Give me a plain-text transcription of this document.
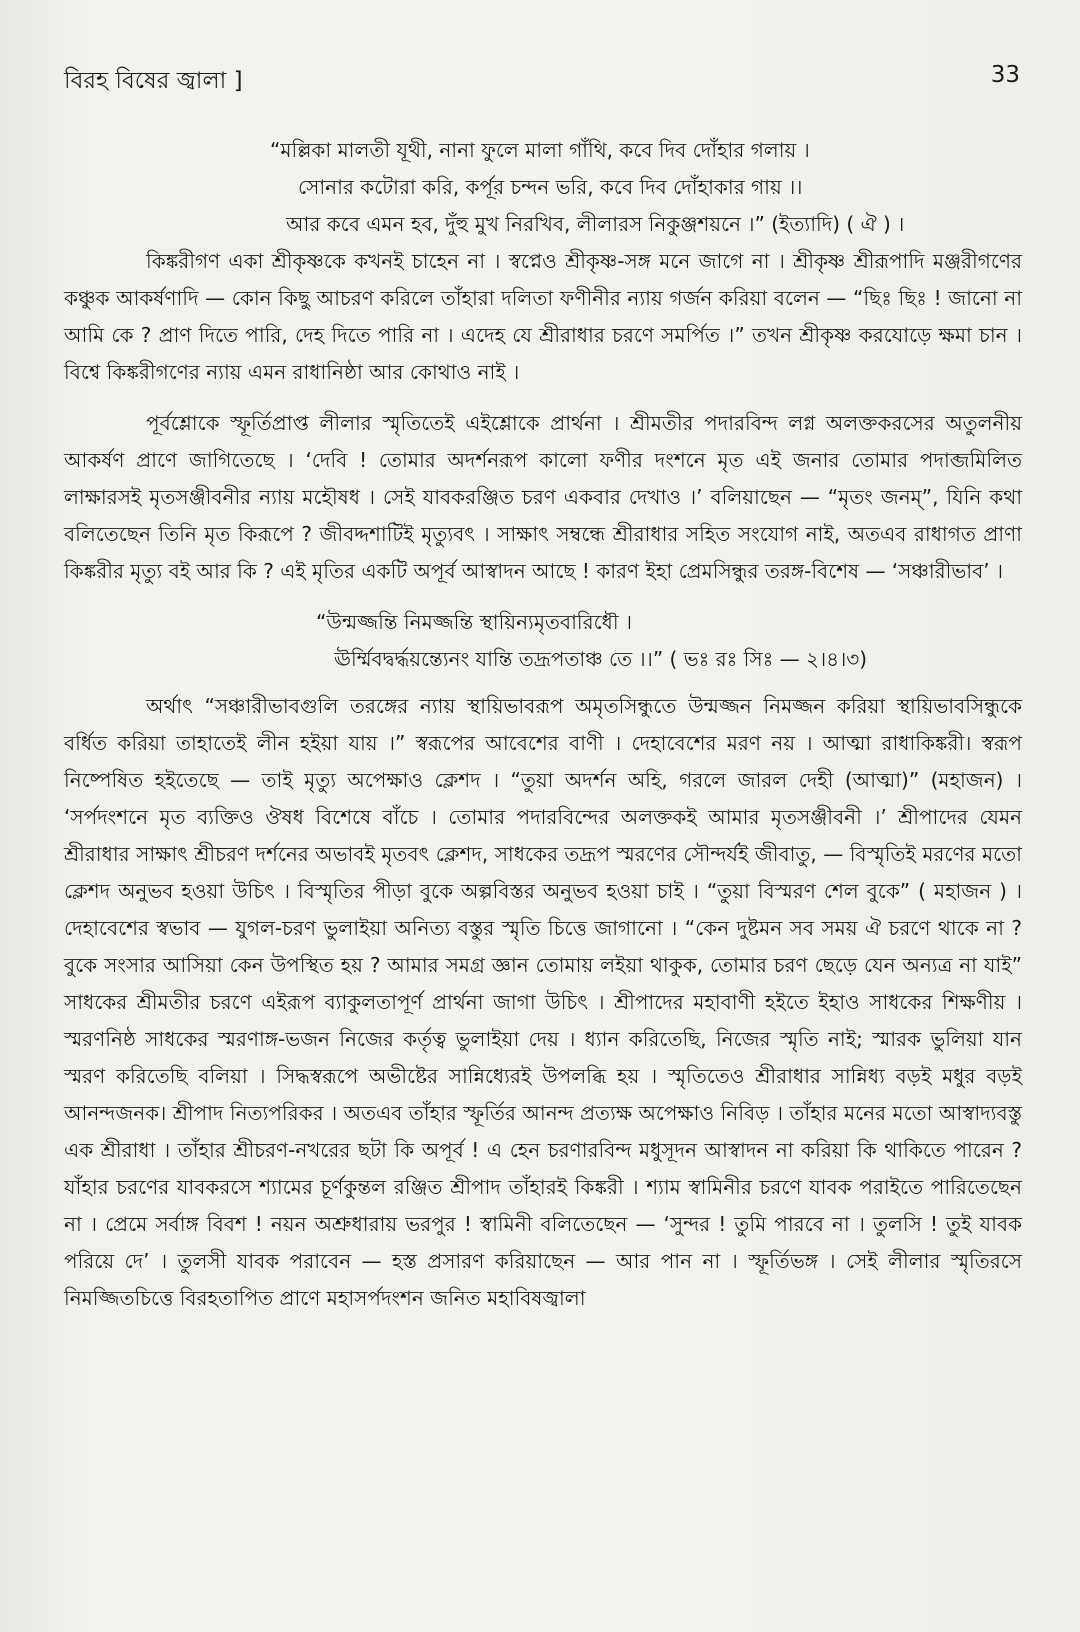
বিরহ বিষের জ্বালা ]	33

“মল্লিকা মালতী যূথী, নানা ফুলে মালা গাঁথি, কবে দিব দোঁহার গলায় ।

সোনার কটোরা করি, কর্পূর চন্দন ভরি, কবে দিব দোঁহাকার গায় ।।

আর কবে এমন হব, দুঁহু মুখ নিরখিব, লীলারস নিকুঞ্জশয়নে ।” (ইত্যাদি) ( ঐ ) ।

কিঙ্করীগণ একা শ্রীকৃষ্ণকে কখনই চাহেন না । স্বপ্নেও শ্রীকৃষ্ণ-সঙ্গ মনে জাগে না । শ্রীকৃষ্ণ শ্রীরূপাদি মঞ্জরীগণের কঞ্চুক আকর্ষণাদি — কোন কিছু আচরণ করিলে তাঁহারা দলিতা ফণীনীর ন্যায় গর্জন করিয়া বলেন — “ছিঃ ছিঃ ! জানো না আমি কে ? প্রাণ দিতে পারি, দেহ দিতে পারি না । এদেহ যে শ্রীরাধার চরণে সমর্পিত ।” তখন শ্রীকৃষ্ণ করযোড়ে ক্ষমা চান । বিশ্বে কিঙ্করীগণের ন্যায় এমন রাধানিষ্ঠা আর কোথাও নাই ।

পূর্বশ্লোকে স্ফূর্তিপ্রাপ্ত লীলার স্মৃতিতেই এইশ্লোকে প্রার্থনা । শ্রীমতীর পদারবিন্দ লগ্ন অলক্তকরসের অতুলনীয় আকর্ষণ প্রাণে জাগিতেছে । ‘দেবি ! তোমার অদর্শনরূপ কালো ফণীর দংশনে মৃত এই জনার তোমার পদাব্জমিলিত লাক্ষারসই মৃতসঞ্জীবনীর ন্যায় মহৌষধ । সেই যাবকরঞ্জিত চরণ একবার দেখাও ।’ বলিয়াছেন — “মৃতং জনম্”, যিনি কথা বলিতেছেন তিনি মৃত কিরূপে ? জীবদ্দশাটিই মৃত্যুবৎ । সাক্ষাৎ সম্বন্ধে শ্রীরাধার সহিত সংযোগ নাই, অতএব রাধাগত প্রাণা কিঙ্করীর মৃত্যু বই আর কি ? এই মৃতির একটি অপূর্ব আস্বাদন আছে ! কারণ ইহা প্রেমসিন্ধুর তরঙ্গ-বিশেষ — ‘সঞ্চারীভাব’ ।

“উন্মজ্জন্তি নিমজ্জন্তি স্থায়িন্যমৃতবারিধৌ ।

ঊর্ম্মিবদ্বর্দ্ধয়ন্ত্যেনং যান্তি তদ্রূপতাঞ্চ তে ।।” ( ভঃ রঃ সিঃ — ২।৪।৩)

অর্থাৎ “সঞ্চারীভাবগুলি তরঙ্গের ন্যায় স্থায়িভাবরূপ অমৃতসিন্ধুতে উন্মজ্জন নিমজ্জন করিয়া স্থায়িভাবসিন্ধুকে বর্ধিত করিয়া তাহাতেই লীন হইয়া যায় ।” স্বরূপের আবেশের বাণী । দেহাবেশের মরণ নয় । আত্মা রাধাকিঙ্করী। স্বরূপ নিষ্পেষিত হইতেছে — তাই মৃত্যু অপেক্ষাও ক্লেশদ । “তুয়া অদর্শন অহি, গরলে জারল দেহী (আত্মা)” (মহাজন) । ‘সর্পদংশনে মৃত ব্যক্তিও ঔষধ বিশেষে বাঁচে । তোমার পদারবিন্দের অলক্তকই আমার মৃতসঞ্জীবনী ।’ শ্রীপাদের যেমন শ্রীরাধার সাক্ষাৎ শ্রীচরণ দর্শনের অভাবই মৃতবৎ ক্লেশদ, সাধকের তদ্রূপ স্মরণের সৌন্দর্যই জীবাতু, — বিস্মৃতিই মরণের মতো ক্লেশদ অনুভব হওয়া উচিৎ । বিস্মৃতির পীড়া বুকে অল্পবিস্তর অনুভব হওয়া চাই । “তুয়া বিস্মরণ শেল বুকে” ( মহাজন ) । দেহাবেশের স্বভাব — যুগল-চরণ ভুলাইয়া অনিত্য বস্তুর স্মৃতি চিত্তে জাগানো । “কেন দুষ্টমন সব সময় ঐ চরণে থাকে না ? বুকে সংসার আসিয়া কেন উপস্থিত হয় ? আমার সমগ্র জ্ঞান তোমায় লইয়া থাকুক, তোমার চরণ ছেড়ে যেন অন্যত্র না যাই” সাধকের শ্রীমতীর চরণে এইরূপ ব্যাকুলতাপূর্ণ প্রার্থনা জাগা উচিৎ । শ্রীপাদের মহাবাণী হইতে ইহাও সাধকের শিক্ষণীয় । স্মরণনিষ্ঠ সাধকের স্মরণাঙ্গ-ভজন নিজের কর্তৃত্ব ভুলাইয়া দেয় । ধ্যান করিতেছি, নিজের স্মৃতি নাই; স্মারক ভুলিয়া যান স্মরণ করিতেছি বলিয়া । সিদ্ধস্বরূপে অভীষ্টের সান্নিধ্যেরই উপলব্ধি হয় । স্মৃতিতেও শ্রীরাধার সান্নিধ্য বড়ই মধুর বড়ই আনন্দজনক। শ্রীপাদ নিত্যপরিকর । অতএব তাঁহার স্ফূর্তির আনন্দ প্রত্যক্ষ অপেক্ষাও নিবিড় । তাঁহার মনের মতো আস্বাদ্যবস্তু এক শ্রীরাধা । তাঁহার শ্রীচরণ-নখরের ছটা কি অপূর্ব ! এ হেন চরণারবিন্দ মধুসূদন আস্বাদন না করিয়া কি থাকিতে পারেন ? যাঁহার চরণের যাবকরসে শ্যামের চূর্ণকুন্তল রঞ্জিত শ্রীপাদ তাঁহারই কিঙ্করী । শ্যাম স্বামিনীর চরণে যাবক পরাইতে পারিতেছেন না । প্রেমে সর্বাঙ্গ বিবশ ! নয়ন অশ্রুধারায় ভরপুর ! স্বামিনী বলিতেছেন — ‘সুন্দর ! তুমি পারবে না । তুলসি ! তুই যাবক পরিয়ে দে’ । তুলসী যাবক পরাবেন — হস্ত প্রসারণ করিয়াছেন — আর পান না । স্ফূর্তিভঙ্গ । সেই লীলার স্মৃতিরসে নিমজ্জিতচিত্তে বিরহতাপিত প্রাণে মহাসর্পদংশন জনিত মহাবিষজ্বালা
